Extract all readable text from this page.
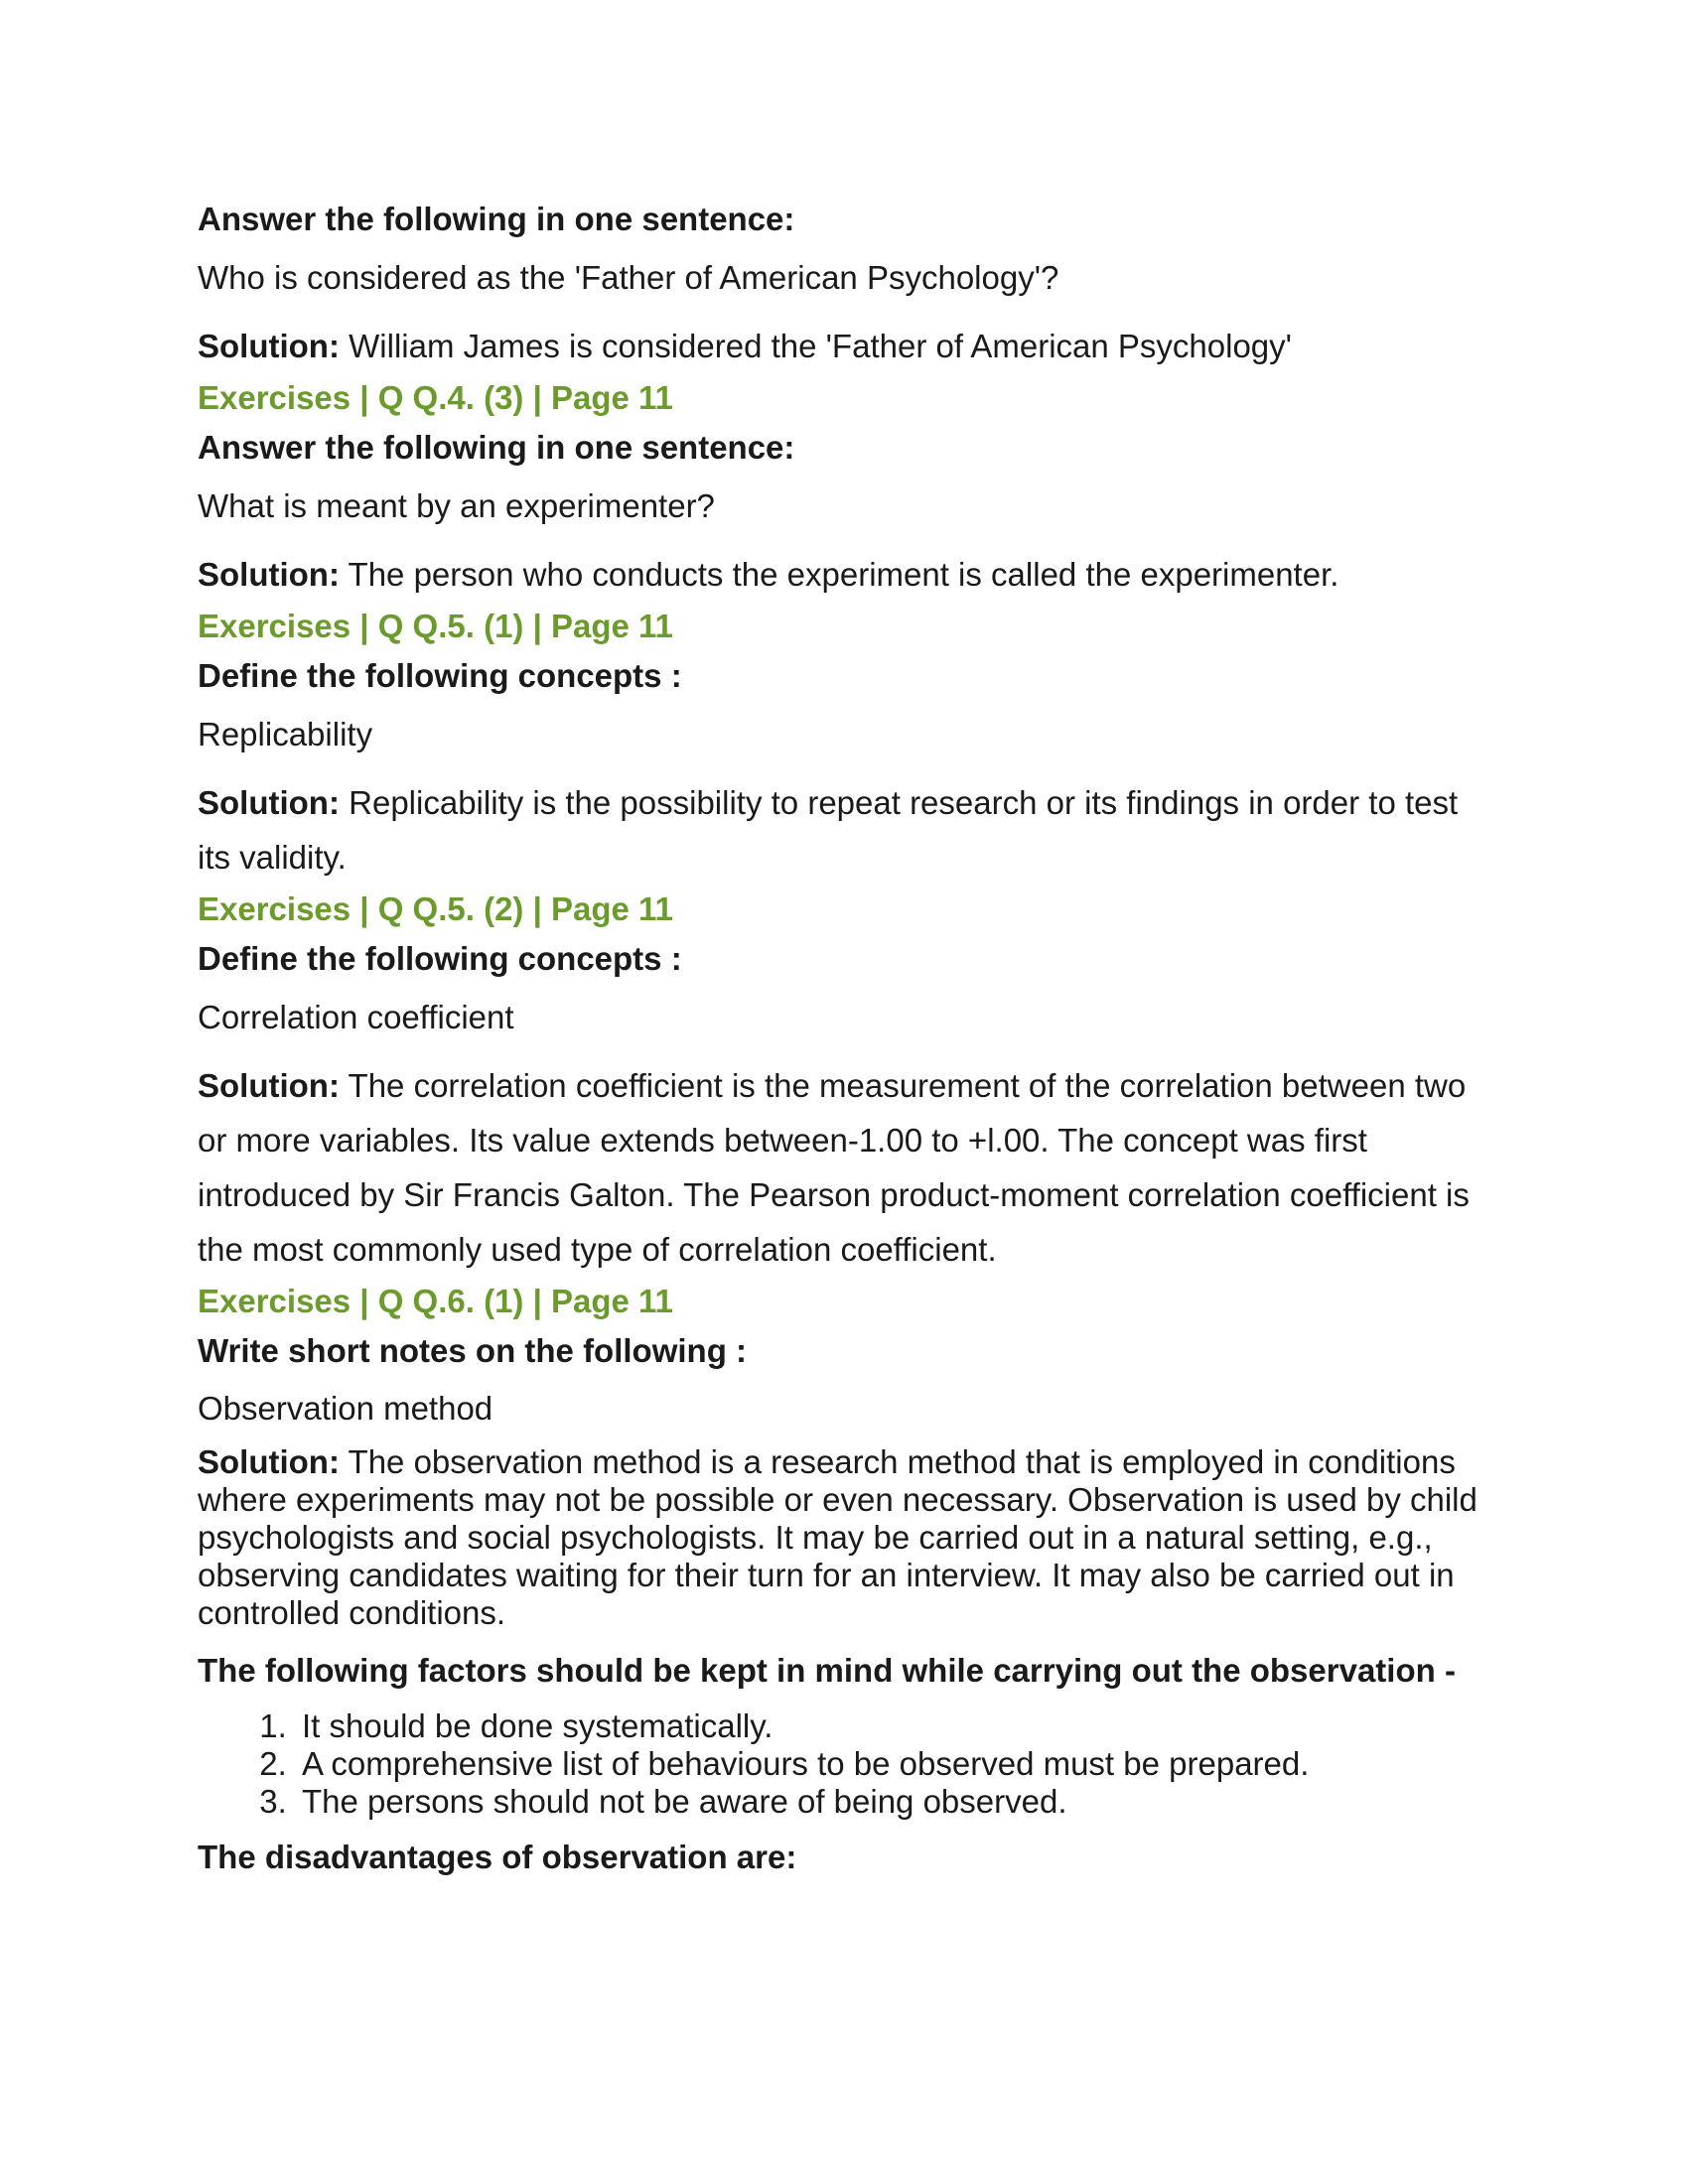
Answer the following in one sentence:

Who is considered as the 'Father of American Psychology'?

Solution: William James is considered the 'Father of American Psychology'

Exercises | Q Q.4. (3) | Page 11

Answer the following in one sentence:

What is meant by an experimenter?

Solution: The person who conducts the experiment is called the experimenter.

Exercises | Q Q.5. (1) | Page 11

Define the following concepts :

Replicability

Solution: Replicability is the possibility to repeat research or its findings in order to test its validity.

Exercises | Q Q.5. (2) | Page 11

Define the following concepts :

Correlation coefficient

Solution: The correlation coefficient is the measurement of the correlation between two or more variables. Its value extends between-1.00 to +l.00. The concept was first introduced by Sir Francis Galton. The Pearson product-moment correlation coefficient is the most commonly used type of correlation coefficient.

Exercises | Q Q.6. (1) | Page 11

Write short notes on the following :

Observation method

Solution: The observation method is a research method that is employed in conditions where experiments may not be possible or even necessary. Observation is used by child psychologists and social psychologists. It may be carried out in a natural setting, e.g., observing candidates waiting for their turn for an interview. It may also be carried out in controlled conditions.

The following factors should be kept in mind while carrying out the observation -

1. It should be done systematically.
2. A comprehensive list of behaviours to be observed must be prepared.
3. The persons should not be aware of being observed.

The disadvantages of observation are:
